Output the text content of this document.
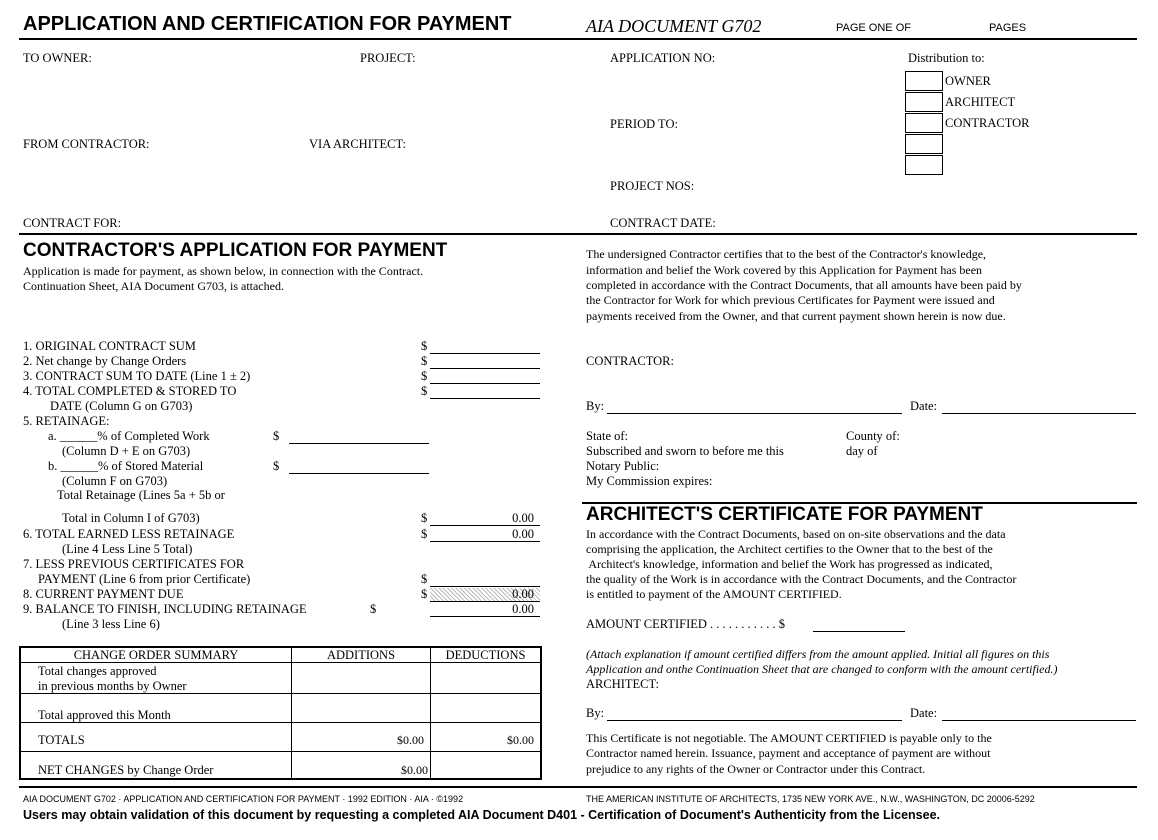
APPLICATION AND CERTIFICATION FOR PAYMENT	AIA DOCUMENT G702	PAGE ONE OF	PAGES
TO OWNER:	PROJECT:	APPLICATION NO:	Distribution to:
OWNER
ARCHITECT
CONTRACTOR
PERIOD TO:
FROM CONTRACTOR:	VIA ARCHITECT:
PROJECT NOS:
CONTRACT FOR:	CONTRACT DATE:
CONTRACTOR'S APPLICATION FOR PAYMENT
Application is made for payment, as shown below, in connection with the Contract.
Continuation Sheet, AIA Document G703, is attached.
1. ORIGINAL CONTRACT SUM	$
2. Net change by Change Orders	$
3. CONTRACT SUM TO DATE (Line 1 ± 2)	$
4. TOTAL COMPLETED & STORED TO	$
DATE (Column G on G703)
5. RETAINAGE:
a. ______% of Completed Work	$
(Column D + E on G703)
b. ______% of Stored Material	$
(Column F on G703)
Total Retainage (Lines 5a + 5b or
Total in Column I of G703)	$	0.00
6. TOTAL EARNED LESS RETAINAGE	$	0.00
(Line 4 Less Line 5 Total)
7. LESS PREVIOUS CERTIFICATES FOR
PAYMENT (Line 6 from prior Certificate)	$
8. CURRENT PAYMENT DUE	$	0.00
9. BALANCE TO FINISH, INCLUDING RETAINAGE	$	0.00
(Line 3 less Line 6)
CHANGE ORDER SUMMARY	ADDITIONS	DEDUCTIONS
Total changes approved
in previous months by Owner
Total approved this Month
TOTALS	$0.00	$0.00
NET CHANGES by Change Order	$0.00
The undersigned Contractor certifies that to the best of the Contractor's knowledge,
information and belief the Work covered by this Application for Payment has been
completed in accordance with the Contract Documents, that all amounts have been paid by
the Contractor for Work for which previous Certificates for Payment were issued and
payments received from the Owner, and that current payment shown herein is now due.
CONTRACTOR:
By:	Date:
State of:	County of:
Subscribed and sworn to before me this	day of
Notary Public:
My Commission expires:
ARCHITECT'S CERTIFICATE FOR PAYMENT
In accordance with the Contract Documents, based on on-site observations and the data
comprising the application, the Architect certifies to the Owner that to the best of the
Architect's knowledge, information and belief the Work has progressed as indicated,
the quality of the Work is in accordance with the Contract Documents, and the Contractor
is entitled to payment of the AMOUNT CERTIFIED.
AMOUNT CERTIFIED . . . . . . . . . . . $
(Attach explanation if amount certified differs from the amount applied. Initial all figures on this
Application and onthe Continuation Sheet that are changed to conform with the amount certified.)
ARCHITECT:
By:	Date:
This Certificate is not negotiable. The AMOUNT CERTIFIED is payable only to the
Contractor named herein. Issuance, payment and acceptance of payment are without
prejudice to any rights of the Owner or Contractor under this Contract.
AIA DOCUMENT G702 · APPLICATION AND CERTIFICATION FOR PAYMENT · 1992 EDITION · AIA · ©1992	THE AMERICAN INSTITUTE OF ARCHITECTS, 1735 NEW YORK AVE., N.W., WASHINGTON, DC 20006-5292
Users may obtain validation of this document by requesting a completed AIA Document D401 - Certification of Document's Authenticity from the Licensee.
